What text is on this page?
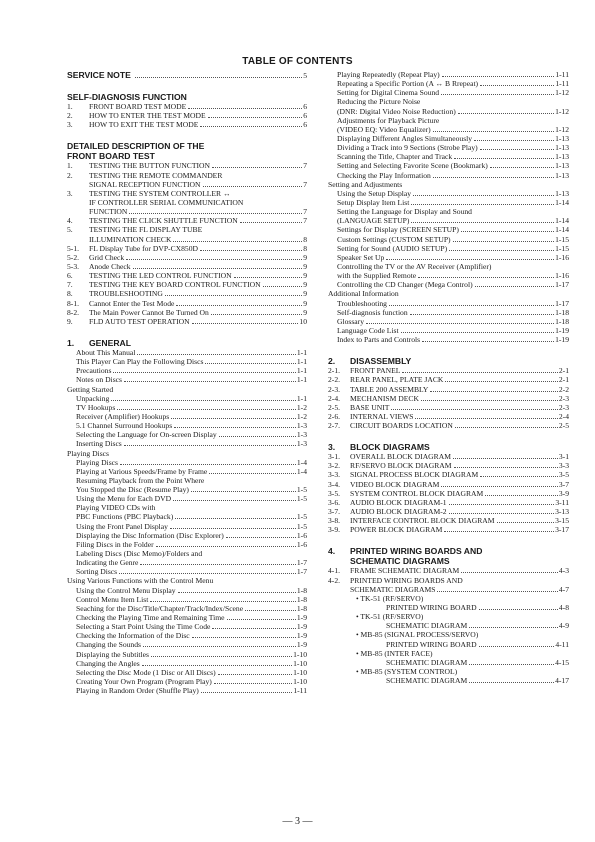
TABLE OF CONTENTS
SERVICE NOTE	5
SELF-DIAGNOSIS FUNCTION
1. FRONT BOARD TEST MODE	6
2. HOW TO ENTER THE TEST MODE	6
3. HOW TO EXIT THE TEST MODE	6
DETAILED DESCRIPTION OF THE
FRONT BOARD TEST
1. TESTING THE BUTTON FUNCTION	7
2. TESTING THE REMOTE COMMANDER
SIGNAL RECEPTION FUNCTION	7
3. TESTING THE SYSTEM CONTROLLER ↔
IF CONTROLLER SERIAL COMMUNICATION
FUNCTION	7
4. TESTING THE CLICK SHUTTLE FUNCTION	7
5. TESTING THE FL DISPLAY TUBE
ILLUMINATION CHECK	8
5-1. FL Display Tube for DVP-CX850D	8
5-2. Grid Check	9
5-3. Anode Check	9
6. TESTING THE LED CONTROL FUNCTION	9
7. TESTING THE KEY BOARD CONTROL FUNCTION	9
8. TROUBLESHOOTING	9
8-1. Cannot Enter the Test Mode	9
8-2. The Main Power Cannot Be Turned On	9
9. FLD AUTO TEST OPERATION	10
1. GENERAL
About This Manual	1-1
This Player Can Play the Following Discs	1-1
Precautions	1-1
Notes on Discs	1-1
Getting Started
Unpacking	1-1
TV Hookups	1-2
Receiver (Amplifier) Hookups	1-2
5.1 Channel Surround Hookups	1-3
Selecting the Language for On-screen Display	1-3
Inserting Discs	1-3
Playing Discs
Playing Discs	1-4
Playing at Various Speeds/Frame by Frame	1-4
Resuming Playback from the Point Where
You Stopped the Disc (Resume Play)	1-5
Using the Menu for Each DVD	1-5
Playing VIDEO CDs with
PBC Functions (PBC Playback)	1-5
Using the Front Panel Display	1-5
Displaying the Disc Information (Disc Explorer)	1-6
Filing Discs in the Folder	1-6
Labeling Discs (Disc Memo)/Folders and
Indicating the Genre	1-7
Sorting Discs	1-7
Using Various Functions with the Control Menu
Using the Control Menu Display	1-8
Control Menu Item List	1-8
Seaching for the Disc/Title/Chapter/Track/Index/Scene	1-8
Checking the Playing Time and Remaining Time	1-9
Selecting a Start Point Using the Time Code	1-9
Checking the Information of the Disc	1-9
Changing the Sounds	1-9
Displaying the Subtitles	1-10
Changing the Angles	1-10
Selecting the Disc Mode (1 Disc or All Discs)	1-10
Creating Your Own Program (Program Play)	1-10
Playing in Random Order (Shuffle Play)	1-11
Playing Repeatedly (Repeat Play)	1-11
Repeating a Specific Portion (A ↔ B Rrepeat)	1-11
Setting for Digital Cinema Sound	1-12
Reducing the Picture Noise
(DNR: Digital Video Noise Reduction)	1-12
Adjustments for Playback Picture
(VIDEO EQ: Video Equalizer)	1-12
Displaying Different Angles Simultaneously	1-13
Dividing a Track into 9 Sections (Strobe Play)	1-13
Scanning the Title, Chapter and Track	1-13
Setting and Selecting Favorite Scene (Bookmark)	1-13
Checking the Play Information	1-13
Setting and Adjustments
Using the Setup Display	1-13
Setup Display Item List	1-14
Setting the Language for Display and Sound
(LANGUAGE SETUP)	1-14
Settings for Display (SCREEN SETUP)	1-14
Custom Settings (CUSTOM SETUP)	1-15
Setting for Sound (AUDIO SETUP)	1-15
Speaker Set Up	1-16
Controlling the TV or the AV Receiver (Amplifier)
with the Supplied Remote	1-16
Controlling the CD Changer (Mega Control)	1-17
Additional Information
Troubleshooting	1-17
Self-diagnosis function	1-18
Glossary	1-18
Language Code List	1-19
Index to Parts and Controls	1-19
2. DISASSEMBLY
2-1. FRONT PANEL	2-1
2-2. REAR PANEL, PLATE JACK	2-1
2-3. TABLE 200 ASSEMBLY	2-2
2-4. MECHANISM DECK	2-3
2-5. BASE UNIT	2-3
2-6. INTERNAL VIEWS	2-4
2-7. CIRCUIT BOARDS LOCATION	2-5
3. BLOCK DIAGRAMS
3-1. OVERALL BLOCK DIAGRAM	3-1
3-2. RF/SERVO BLOCK DIAGRAM	3-3
3-3. SIGNAL PROCESS BLOCK DIAGRAM	3-5
3-4. VIDEO BLOCK DIAGRAM	3-7
3-5. SYSTEM CONTROL BLOCK DIAGRAM	3-9
3-6. AUDIO BLOCK DIAGRAM-1	3-11
3-7. AUDIO BLOCK DIAGRAM-2	3-13
3-8. INTERFACE CONTROL BLOCK DIAGRAM	3-15
3-9. POWER BLOCK DIAGRAM	3-17
4. PRINTED WIRING BOARDS AND
SCHEMATIC DIAGRAMS
4-1. FRAME SCHEMATIC DIAGRAM	4-3
4-2. PRINTED WIRING BOARDS AND
SCHEMATIC DIAGRAMS	4-7
• TK-51 (RF/SERVO)
PRINTED WIRING BOARD	4-8
• TK-51 (RF/SERVO)
SCHEMATIC DIAGRAM	4-9
• MB-85 (SIGNAL PROCESS/SERVO)
PRINTED WIRING BOARD	4-11
• MB-85 (INTER FACE)
SCHEMATIC DIAGRAM	4-15
• MB-85 (SYSTEM CONTROL)
SCHEMATIC DIAGRAM	4-17
— 3 —
